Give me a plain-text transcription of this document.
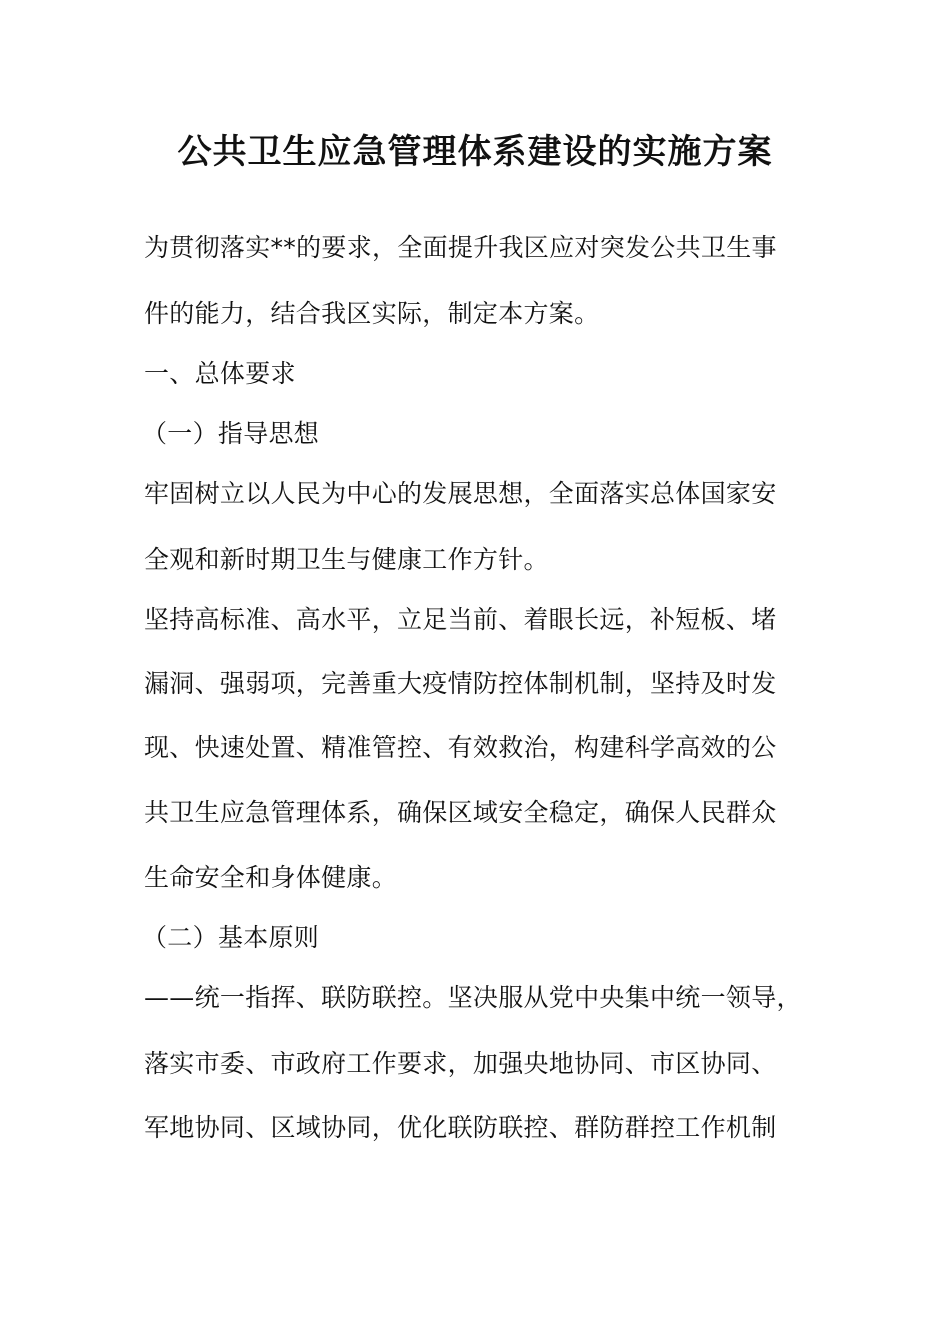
公共卫生应急管理体系建设的实施方案
为贯彻落实**的要求，全面提升我区应对突发公共卫生事
件的能力，结合我区实际，制定本方案。
一、总体要求
（一）指导思想
牢固树立以人民为中心的发展思想，全面落实总体国家安
全观和新时期卫生与健康工作方针。
坚持高标准、高水平，立足当前、着眼长远，补短板、堵
漏洞、强弱项，完善重大疫情防控体制机制，坚持及时发
现、快速处置、精准管控、有效救治，构建科学高效的公
共卫生应急管理体系，确保区域安全稳定，确保人民群众
生命安全和身体健康。
（二）基本原则
——统一指挥、联防联控。坚决服从党中央集中统一领导，
落实市委、市政府工作要求，加强央地协同、市区协同、
军地协同、区域协同，优化联防联控、群防群控工作机制
